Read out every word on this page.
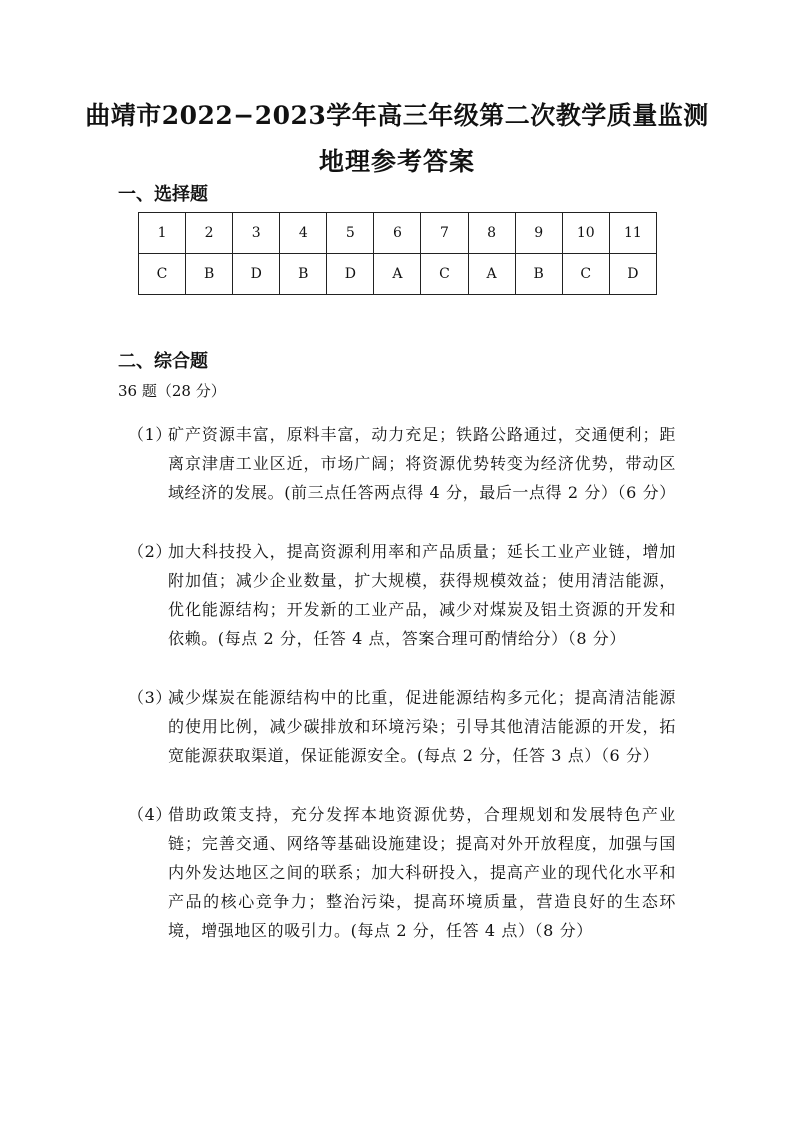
曲靖市2022−2023学年高三年级第二次教学质量监测
地理参考答案
一、选择题
1	2	3	4	5	6	7	8	9	10	11
C	B	D	B	D	A	C	A	B	C	D
二、综合题

36 题（28 分）

（1）
矿产资源丰富，原料丰富，动力充足；铁路公路通过，交通便利；距离京津唐工业区近，市场广阔；将资源优势转变为经济优势，带动区域经济的发展。(前三点任答两点得 4 分，最后一点得 2 分）（6 分）
（2）
加大科技投入，提高资源利用率和产品质量；延长工业产业链，增加附加值；减少企业数量，扩大规模，获得规模效益；使用清洁能源，优化能源结构；开发新的工业产品，减少对煤炭及铝土资源的开发和依赖。(每点 2 分，任答 4 点，答案合理可酌情给分）（8 分）
（3）
减少煤炭在能源结构中的比重，促进能源结构多元化；提高清洁能源的使用比例，减少碳排放和环境污染；引导其他清洁能源的开发，拓宽能源获取渠道，保证能源安全。(每点 2 分，任答 3 点）（6 分）
（4）
借助政策支持，充分发挥本地资源优势，合理规划和发展特色产业链；完善交通、网络等基础设施建设；提高对外开放程度，加强与国内外发达地区之间的联系；加大科研投入，提高产业的现代化水平和产品的核心竞争力；整治污染，提高环境质量，营造良好的生态环境，增强地区的吸引力。(每点 2 分，任答 4 点）（8 分）
